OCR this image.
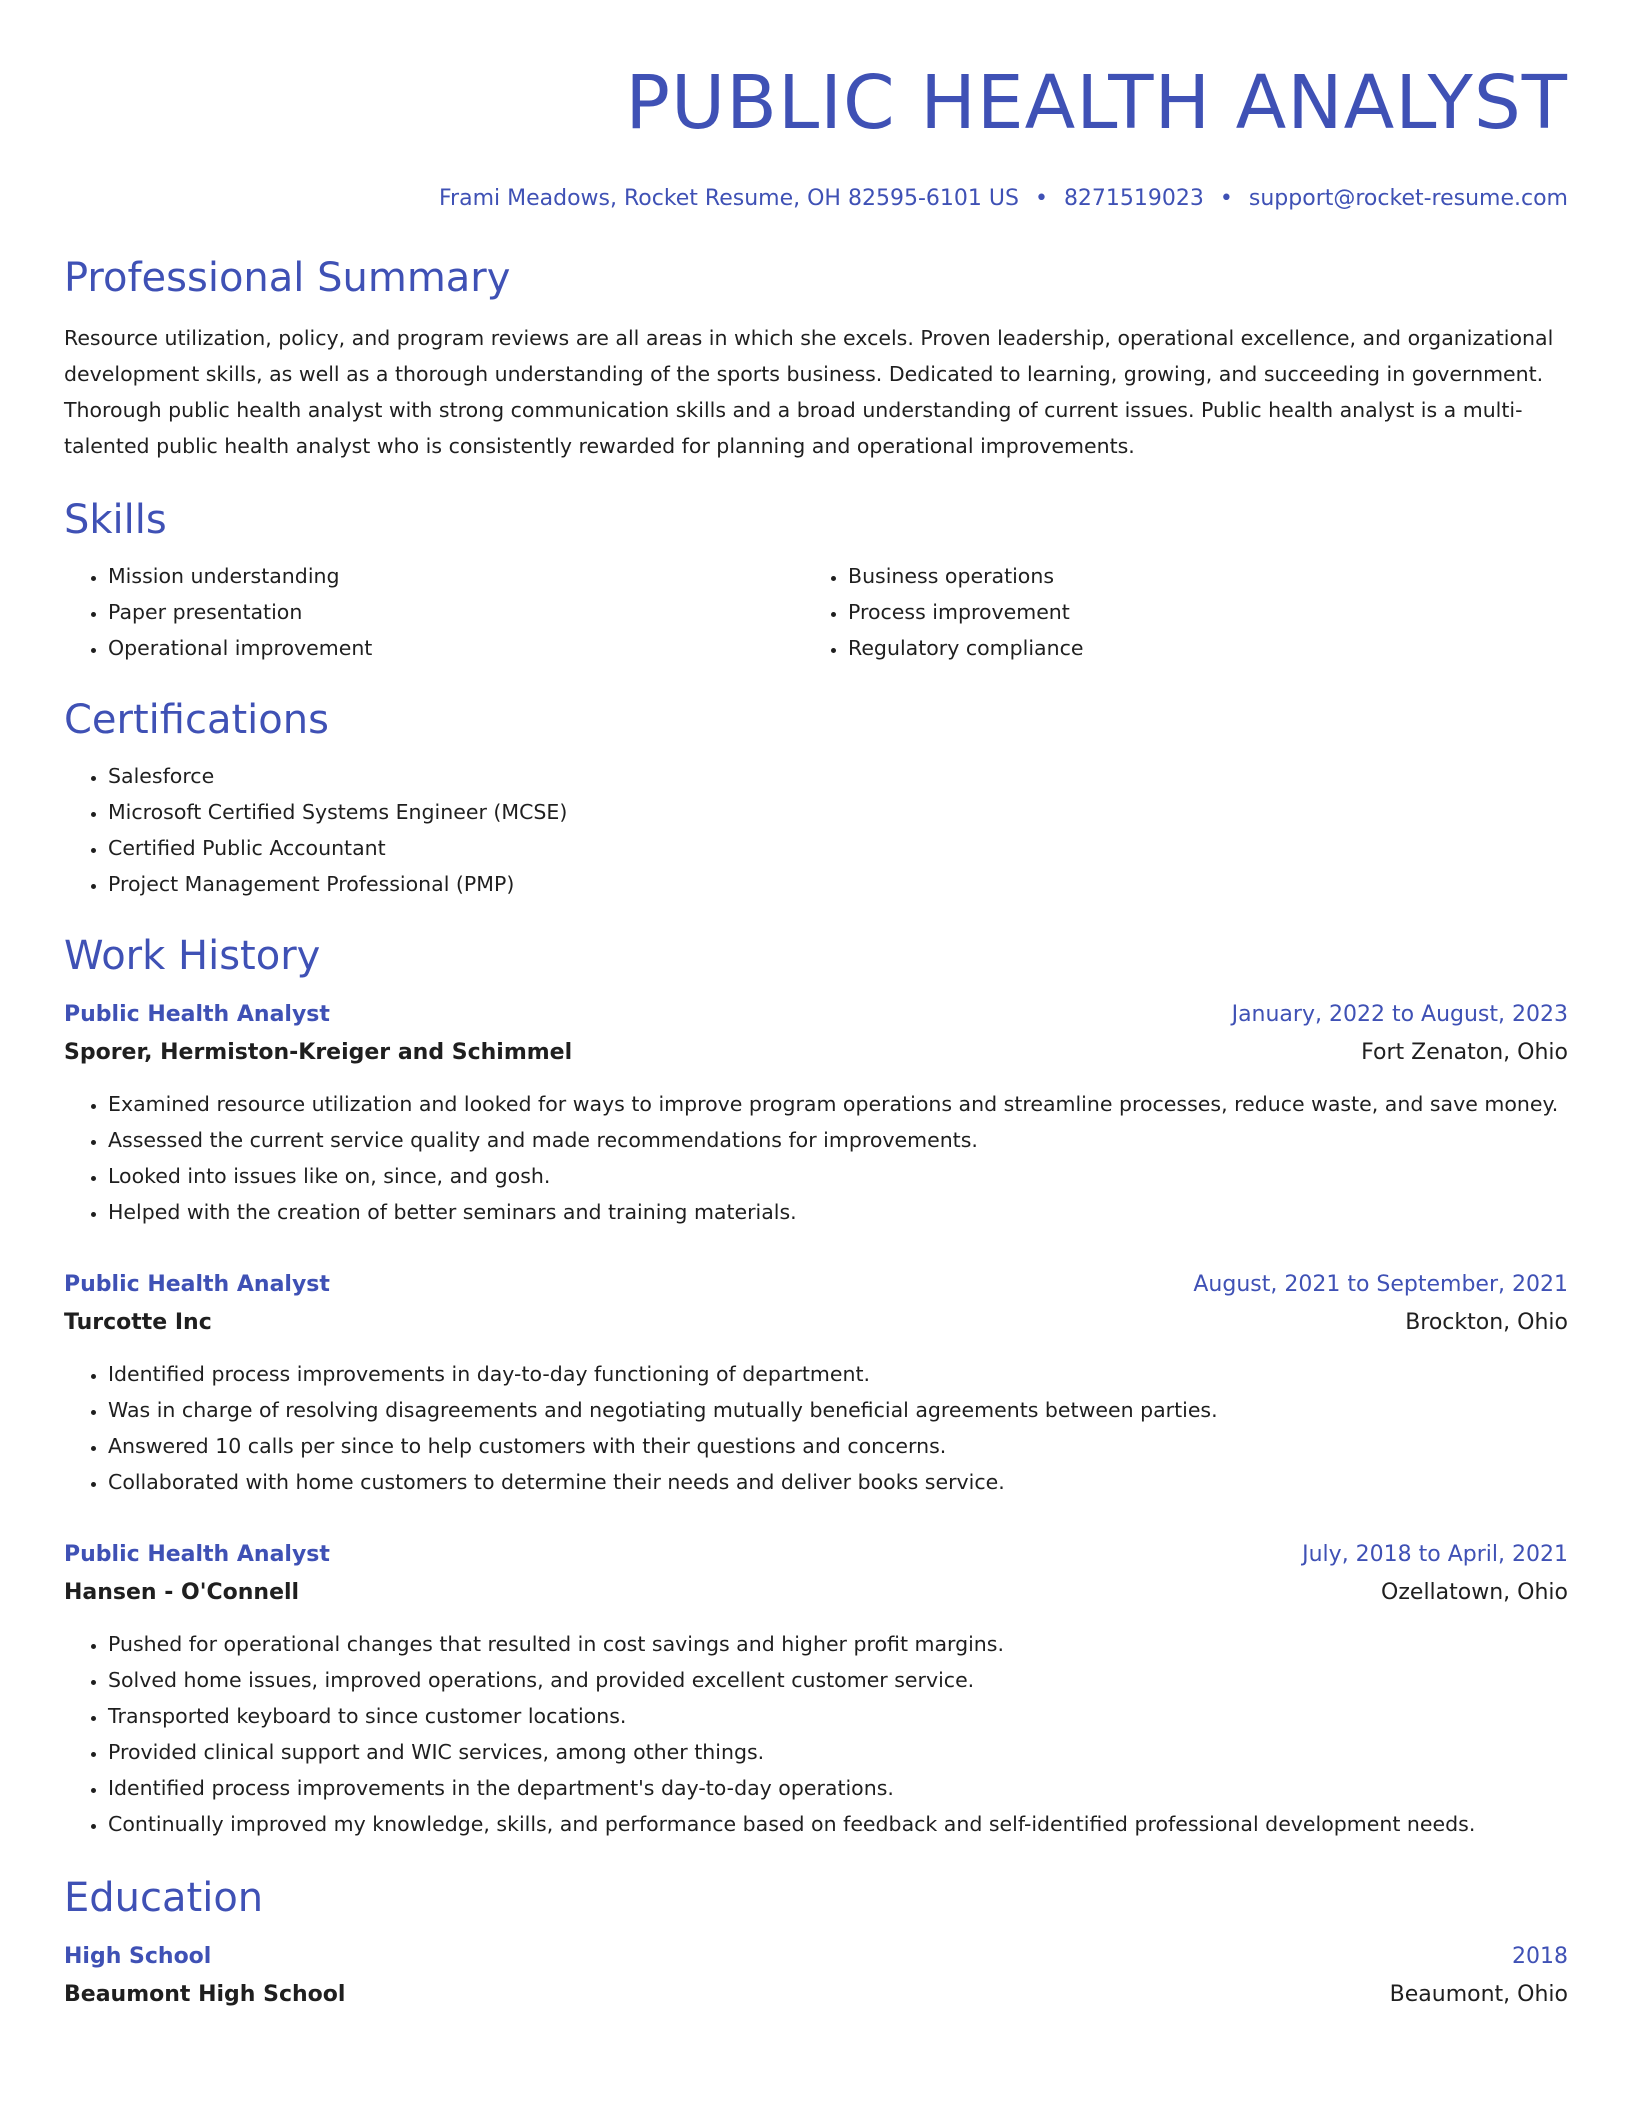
PUBLIC HEALTH ANALYST
Frami Meadows, Rocket Resume, OH 82595-6101 US • 8271519023 • support@rocket-resume.com
Professional Summary

Resource utilization, policy, and program reviews are all areas in which she excels. Proven leadership, operational excellence, and organizational development skills, as well as a thorough understanding of the sports business. Dedicated to learning, growing, and succeeding in government. Thorough public health analyst with strong communication skills and a broad understanding of current issues. Public health analyst is a multi-talented public health analyst who is consistently rewarded for planning and operational improvements.

Skills
• Mission understanding
• Paper presentation
• Operational improvement
• Business operations
• Process improvement
• Regulatory compliance
Certifications
• Salesforce
• Microsoft Certified Systems Engineer (MCSE)
• Certified Public Accountant
• Project Management Professional (PMP)
Work History
Public Health Analyst	January, 2022 to August, 2023
Sporer, Hermiston-Kreiger and Schimmel	Fort Zenaton, Ohio
• Examined resource utilization and looked for ways to improve program operations and streamline processes, reduce waste, and save money.
• Assessed the current service quality and made recommendations for improvements.
• Looked into issues like on, since, and gosh.
• Helped with the creation of better seminars and training materials.
Public Health Analyst	August, 2021 to September, 2021
Turcotte Inc	Brockton, Ohio
• Identified process improvements in day-to-day functioning of department.
• Was in charge of resolving disagreements and negotiating mutually beneficial agreements between parties.
• Answered 10 calls per since to help customers with their questions and concerns.
• Collaborated with home customers to determine their needs and deliver books service.
Public Health Analyst	July, 2018 to April, 2021
Hansen - O'Connell	Ozellatown, Ohio
• Pushed for operational changes that resulted in cost savings and higher profit margins.
• Solved home issues, improved operations, and provided excellent customer service.
• Transported keyboard to since customer locations.
• Provided clinical support and WIC services, among other things.
• Identified process improvements in the department's day-to-day operations.
• Continually improved my knowledge, skills, and performance based on feedback and self-identified professional development needs.
Education
High School	2018
Beaumont High School	Beaumont, Ohio
